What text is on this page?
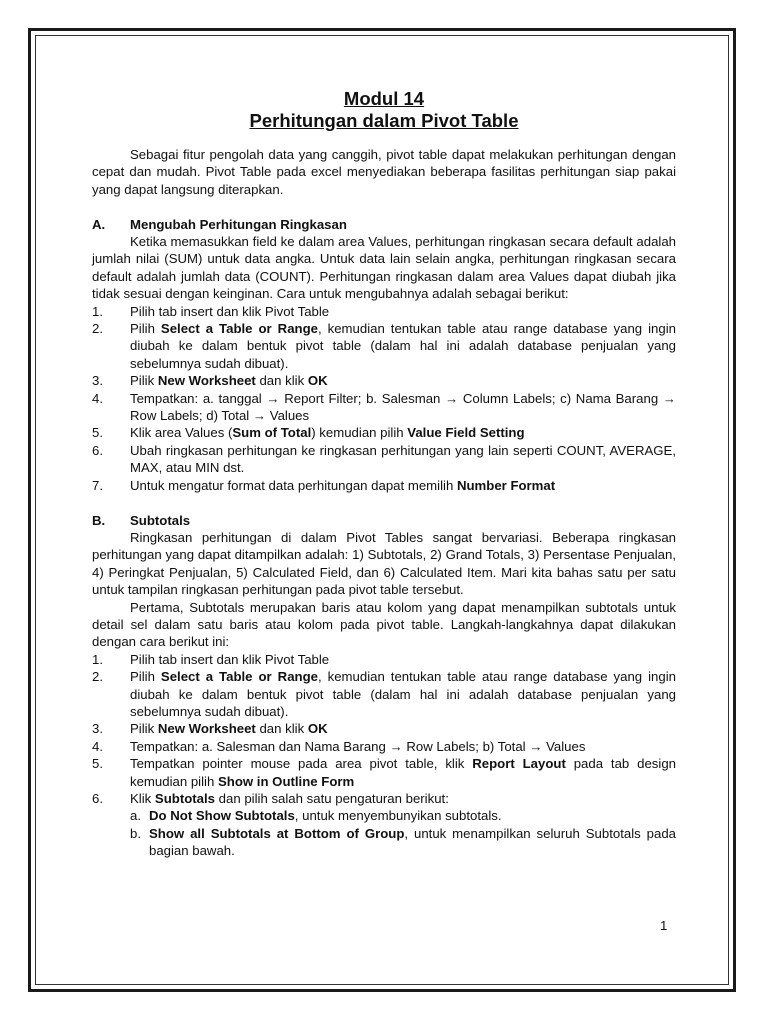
Modul 14

Perhitungan dalam Pivot Table

Sebagai fitur pengolah data yang canggih, pivot table dapat melakukan perhitungan dengan cepat dan mudah. Pivot Table pada excel menyediakan beberapa fasilitas perhitungan siap pakai yang dapat langsung diterapkan.

A.	Mengubah Perhitungan Ringkasan

Ketika memasukkan field ke dalam area Values, perhitungan ringkasan secara default adalah jumlah nilai (SUM) untuk data angka. Untuk data lain selain angka, perhitungan ringkasan secara default adalah jumlah data (COUNT). Perhitungan ringkasan dalam area Values dapat diubah jika tidak sesuai dengan keinginan. Cara untuk mengubahnya adalah sebagai berikut:

1.	Pilih tab insert dan klik Pivot Table
2.	Pilih Select a Table or Range, kemudian tentukan table atau range database yang ingin diubah ke dalam bentuk pivot table (dalam hal ini adalah database penjualan yang sebelumnya sudah dibuat).
3.	Pilik New Worksheet dan klik OK
4.	Tempatkan: a. tanggal → Report Filter; b. Salesman → Column Labels; c) Nama Barang → Row Labels; d) Total → Values
5.	Klik area Values (Sum of Total) kemudian pilih Value Field Setting
6.	Ubah ringkasan perhitungan ke ringkasan perhitungan yang lain seperti COUNT, AVERAGE, MAX, atau MIN dst.
7.	Untuk mengatur format data perhitungan dapat memilih Number Format
B.	Subtotals

Ringkasan perhitungan di dalam Pivot Tables sangat bervariasi. Beberapa ringkasan perhitungan yang dapat ditampilkan adalah: 1) Subtotals, 2) Grand Totals, 3) Persentase Penjualan, 4) Peringkat Penjualan, 5) Calculated Field, dan 6) Calculated Item. Mari kita bahas satu per satu untuk tampilan ringkasan perhitungan pada pivot table tersebut.

Pertama, Subtotals merupakan baris atau kolom yang dapat menampilkan subtotals untuk detail sel dalam satu baris atau kolom pada pivot table. Langkah-langkahnya dapat dilakukan dengan cara berikut ini:

1.	Pilih tab insert dan klik Pivot Table
2.	Pilih Select a Table or Range, kemudian tentukan table atau range database yang ingin diubah ke dalam bentuk pivot table (dalam hal ini adalah database penjualan yang sebelumnya sudah dibuat).
3.	Pilik New Worksheet dan klik OK
4.	Tempatkan: a. Salesman dan Nama Barang → Row Labels; b) Total → Values
5.	Tempatkan pointer mouse pada area pivot table, klik Report Layout pada tab design kemudian pilih Show in Outline Form
6.	Klik Subtotals dan pilih salah satu pengaturan berikut:
a. Do Not Show Subtotals, untuk menyembunyikan subtotals.
b. Show all Subtotals at Bottom of Group, untuk menampilkan seluruh Subtotals pada bagian bawah.
1
